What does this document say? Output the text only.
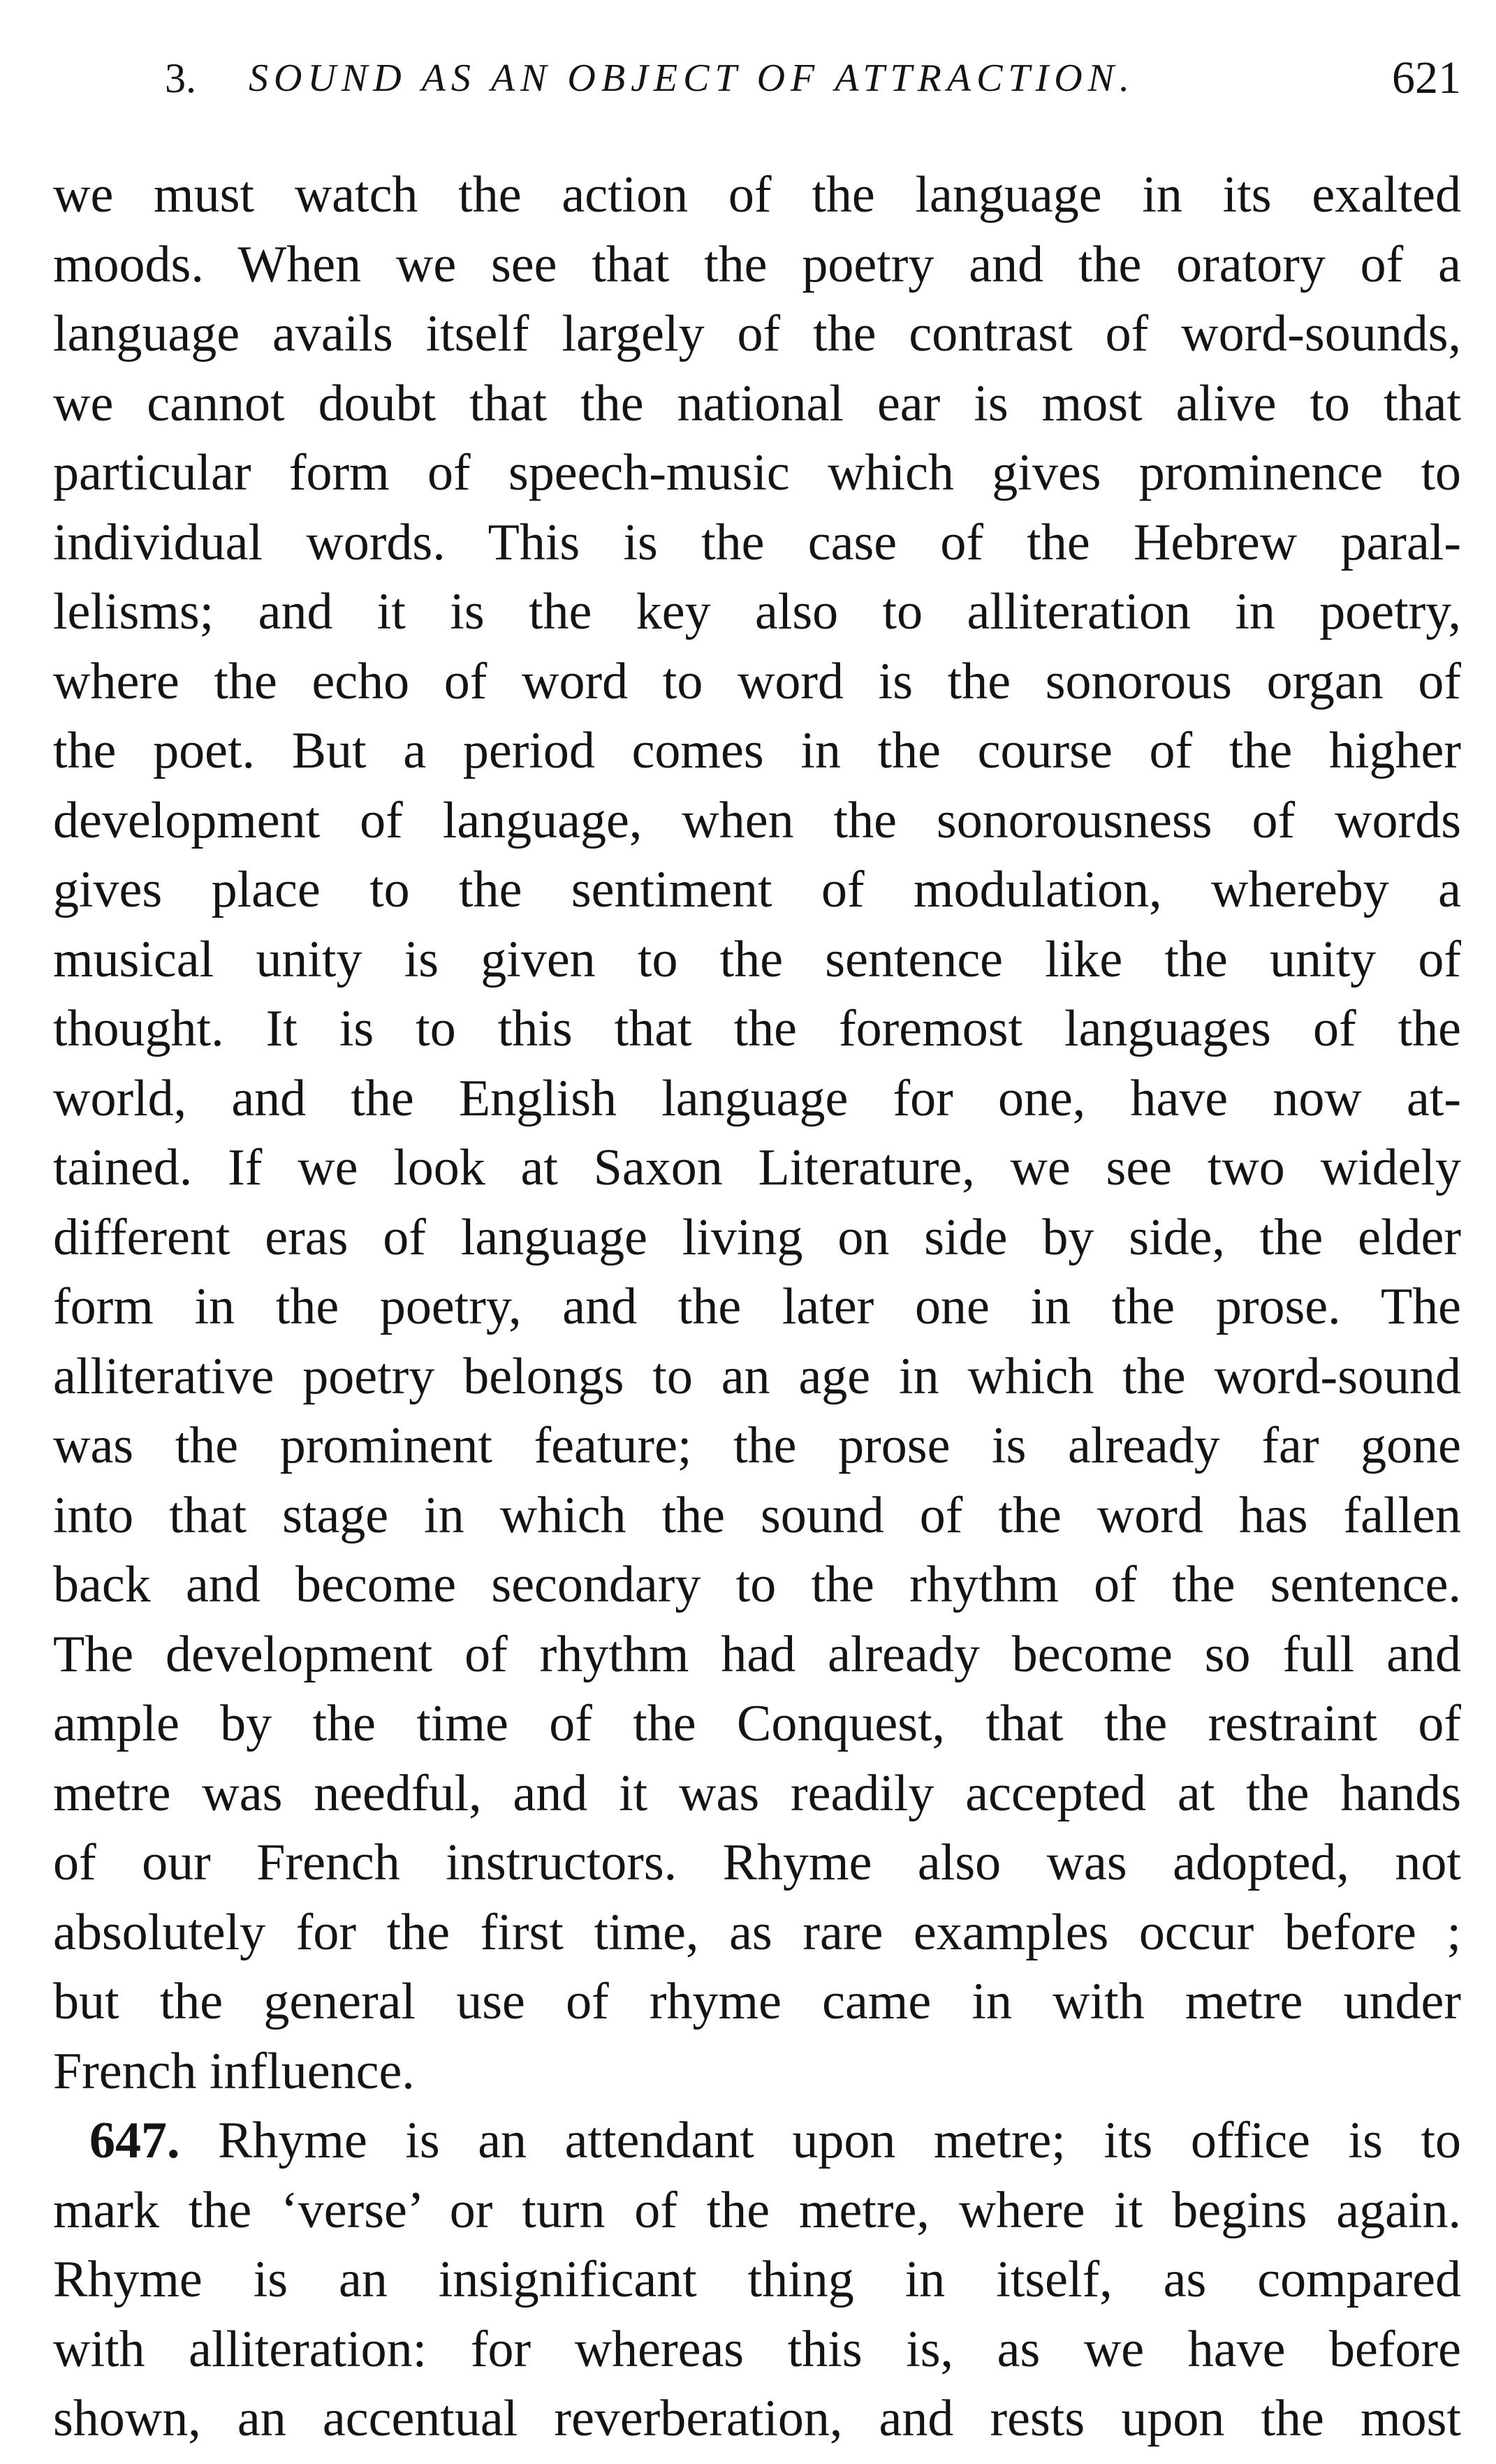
3. SOUND AS AN OBJECT OF ATTRACTION.	621
we must watch the action of the language in its exalted
moods. When we see that the poetry and the oratory of a
language avails itself largely of the contrast of word-sounds,
we cannot doubt that the national ear is most alive to that
particular form of speech-music which gives prominence to
individual words. This is the case of the Hebrew paral-
lelisms; and it is the key also to alliteration in poetry,
where the echo of word to word is the sonorous organ of
the poet. But a period comes in the course of the higher
development of language, when the sonorousness of words
gives place to the sentiment of modulation, whereby a
musical unity is given to the sentence like the unity of
thought. It is to this that the foremost languages of the
world, and the English language for one, have now at-
tained. If we look at Saxon Literature, we see two widely
different eras of language living on side by side, the elder
form in the poetry, and the later one in the prose. The
alliterative poetry belongs to an age in which the word-sound
was the prominent feature; the prose is already far gone
into that stage in which the sound of the word has fallen
back and become secondary to the rhythm of the sentence.
The development of rhythm had already become so full and
ample by the time of the Conquest, that the restraint of
metre was needful, and it was readily accepted at the hands
of our French instructors. Rhyme also was adopted, not
absolutely for the first time, as rare examples occur before ;
but the general use of rhyme came in with metre under
French influence.
647. Rhyme is an attendant upon metre; its office is to
mark the ‘verse’ or turn of the metre, where it begins again.
Rhyme is an insignificant thing in itself, as compared
with alliteration: for whereas this is, as we have before
shown, an accentual reverberation, and rests upon the most
